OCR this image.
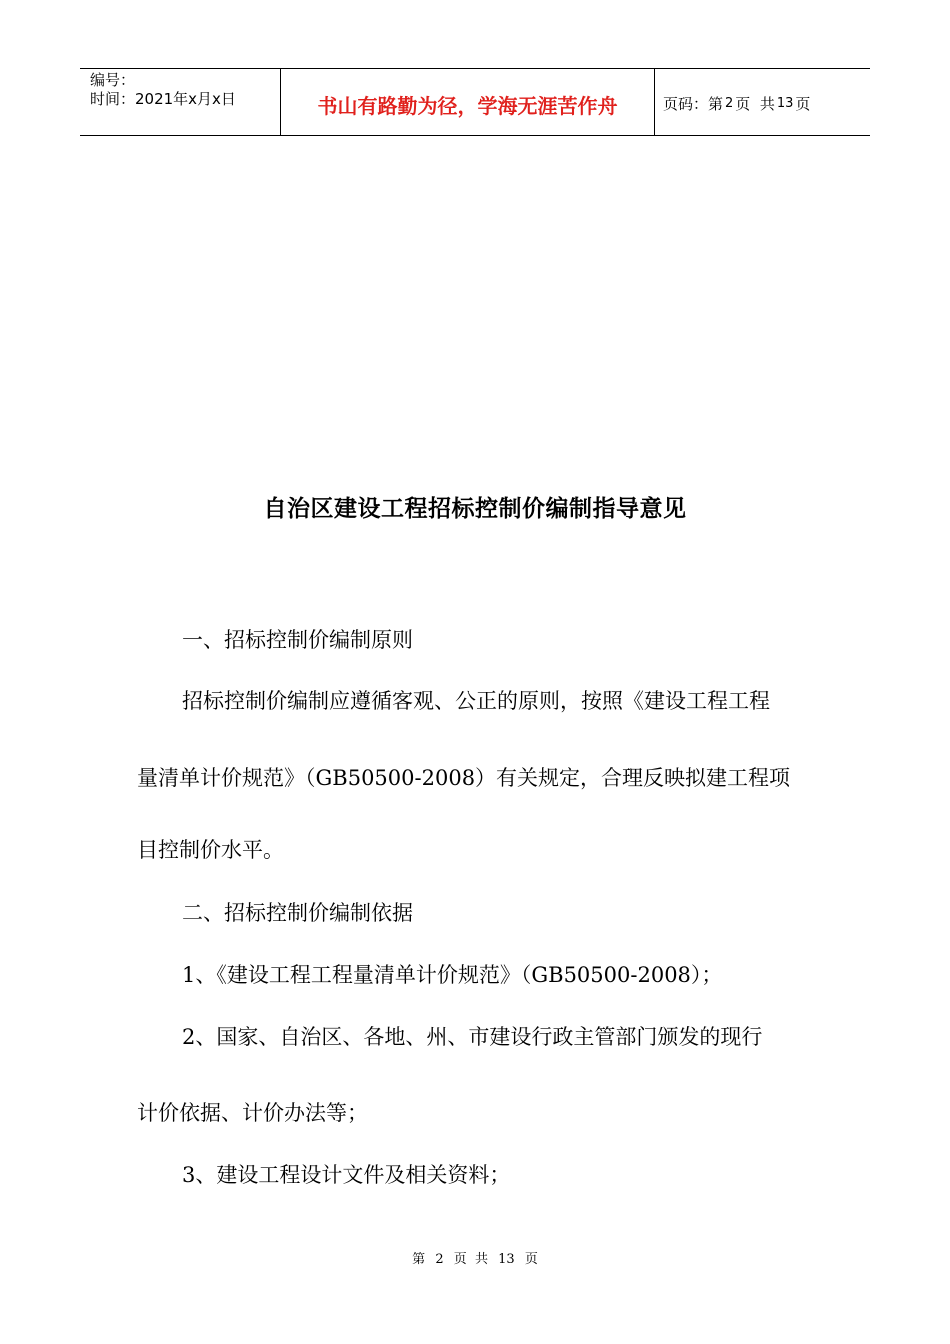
编号：
时间：2021年x月x日	书山有路勤为径，学海无涯苦作舟	页码：第 2 页  共 13 页
自治区建设工程招标控制价编制指导意见
一、招标控制价编制原则
招标控制价编制应遵循客观、公正的原则，按照《建设工程工程
量清单计价规范》（GB50500-2008）有关规定，合理反映拟建工程项
目控制价水平。
二、招标控制价编制依据
1、《建设工程工程量清单计价规范》（GB50500-2008）；
2、国家、自治区、各地、州、市建设行政主管部门颁发的现行
计价依据、计价办法等；
3、建设工程设计文件及相关资料；
第 2 页  共 13 页
